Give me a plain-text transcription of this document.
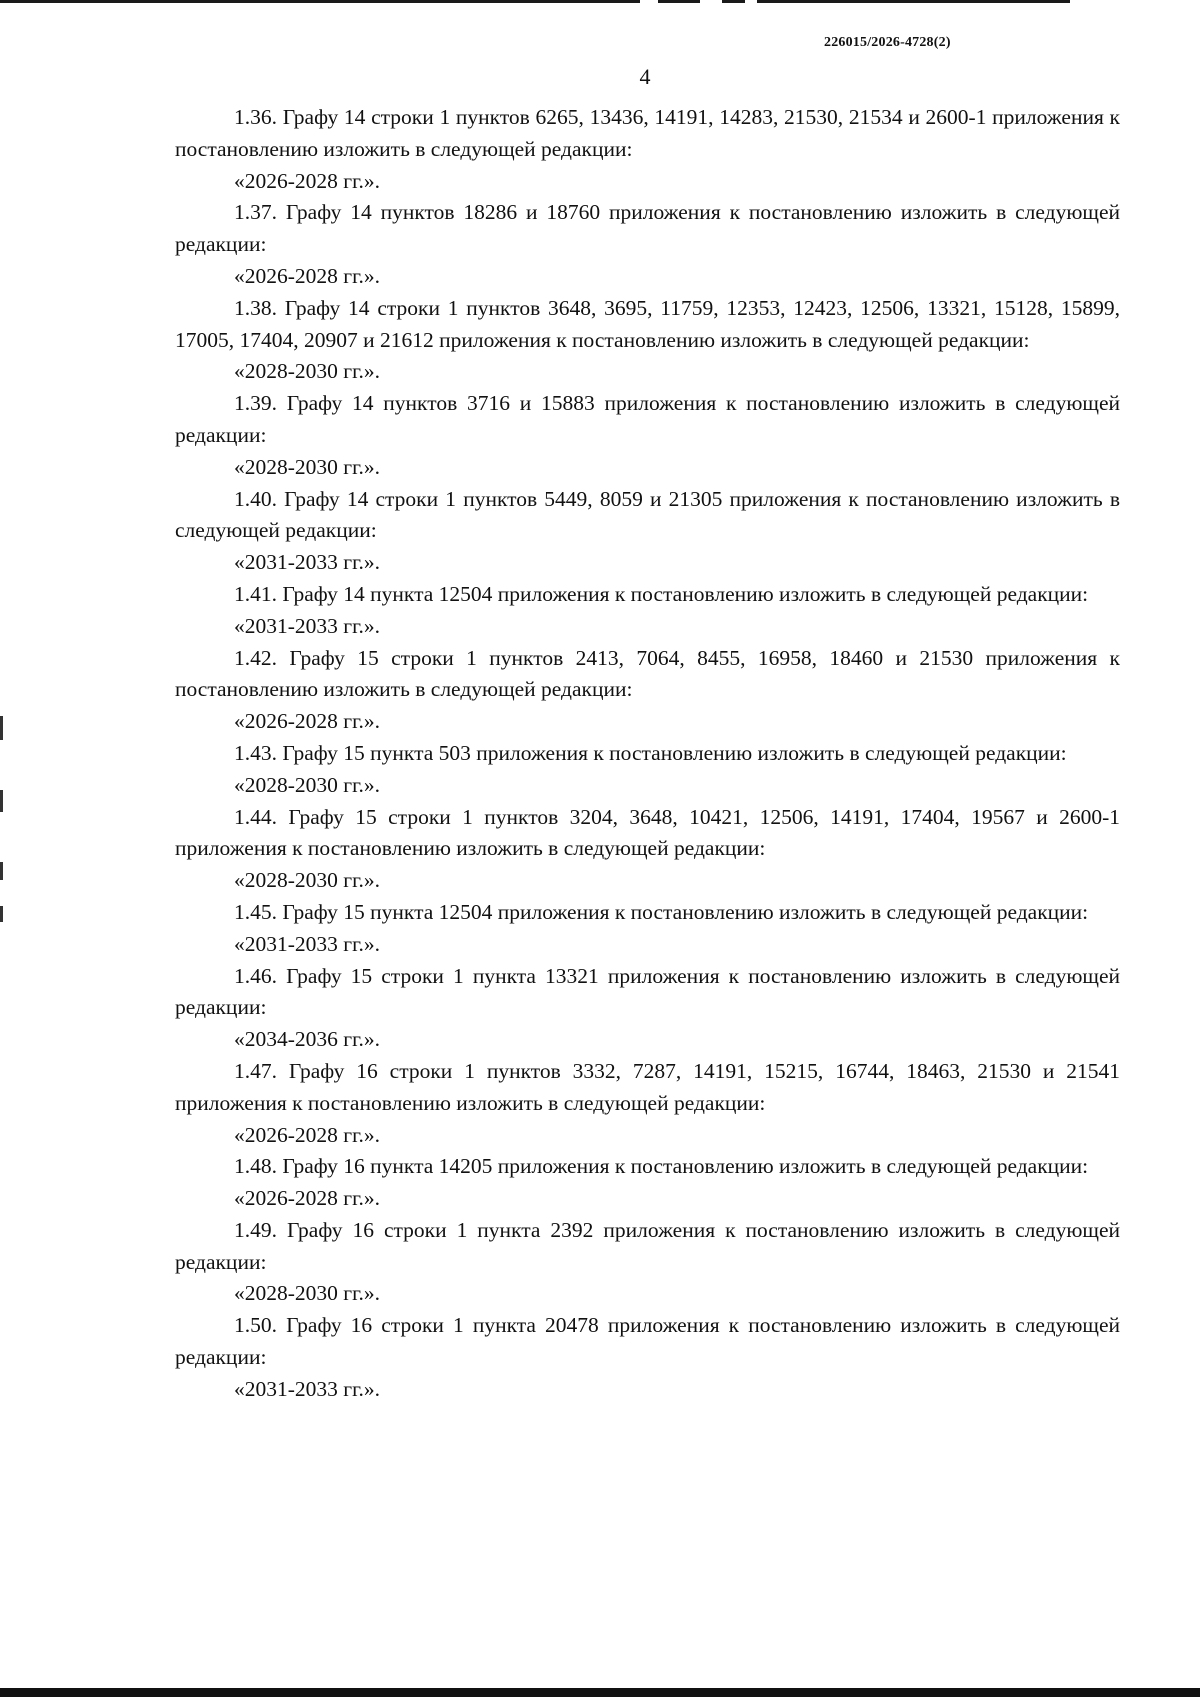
226015/2026-4728(2)
4

1.36. Графу 14 строки 1 пунктов 6265, 13436, 14191, 14283, 21530, 21534 и 2600-1 приложения к постановлению изложить в следующей редакции:

«2026-2028 гг.».

1.37. Графу 14 пунктов 18286 и 18760 приложения к постановлению изложить в следующей редакции:

«2026-2028 гг.».

1.38. Графу 14 строки 1 пунктов 3648, 3695, 11759, 12353, 12423, 12506, 13321, 15128, 15899, 17005, 17404, 20907 и 21612 приложения к постановлению изложить в следующей редакции:

«2028-2030 гг.».

1.39. Графу 14 пунктов 3716 и 15883 приложения к постановлению изложить в следующей редакции:

«2028-2030 гг.».

1.40. Графу 14 строки 1 пунктов 5449, 8059 и 21305 приложения к постановлению изложить в следующей редакции:

«2031-2033 гг.».

1.41. Графу 14 пункта 12504 приложения к постановлению изложить в следующей редакции:

«2031-2033 гг.».

1.42. Графу 15 строки 1 пунктов 2413, 7064, 8455, 16958, 18460 и 21530 приложения к постановлению изложить в следующей редакции:

«2026-2028 гг.».

1.43. Графу 15 пункта 503 приложения к постановлению изложить в следующей редакции:

«2028-2030 гг.».

1.44. Графу 15 строки 1 пунктов 3204, 3648, 10421, 12506, 14191, 17404, 19567 и 2600-1 приложения к постановлению изложить в следующей редакции:

«2028-2030 гг.».

1.45. Графу 15 пункта 12504 приложения к постановлению изложить в следующей редакции:

«2031-2033 гг.».

1.46. Графу 15 строки 1 пункта 13321 приложения к постановлению изложить в следующей редакции:

«2034-2036 гг.».

1.47. Графу 16 строки 1 пунктов 3332, 7287, 14191, 15215, 16744, 18463, 21530 и 21541 приложения к постановлению изложить в следующей редакции:

«2026-2028 гг.».

1.48. Графу 16 пункта 14205 приложения к постановлению изложить в следующей редакции:

«2026-2028 гг.».

1.49. Графу 16 строки 1 пункта 2392 приложения к постановлению изложить в следующей редакции:

«2028-2030 гг.».

1.50. Графу 16 строки 1 пункта 20478 приложения к постановлению изложить в следующей редакции:

«2031-2033 гг.».
